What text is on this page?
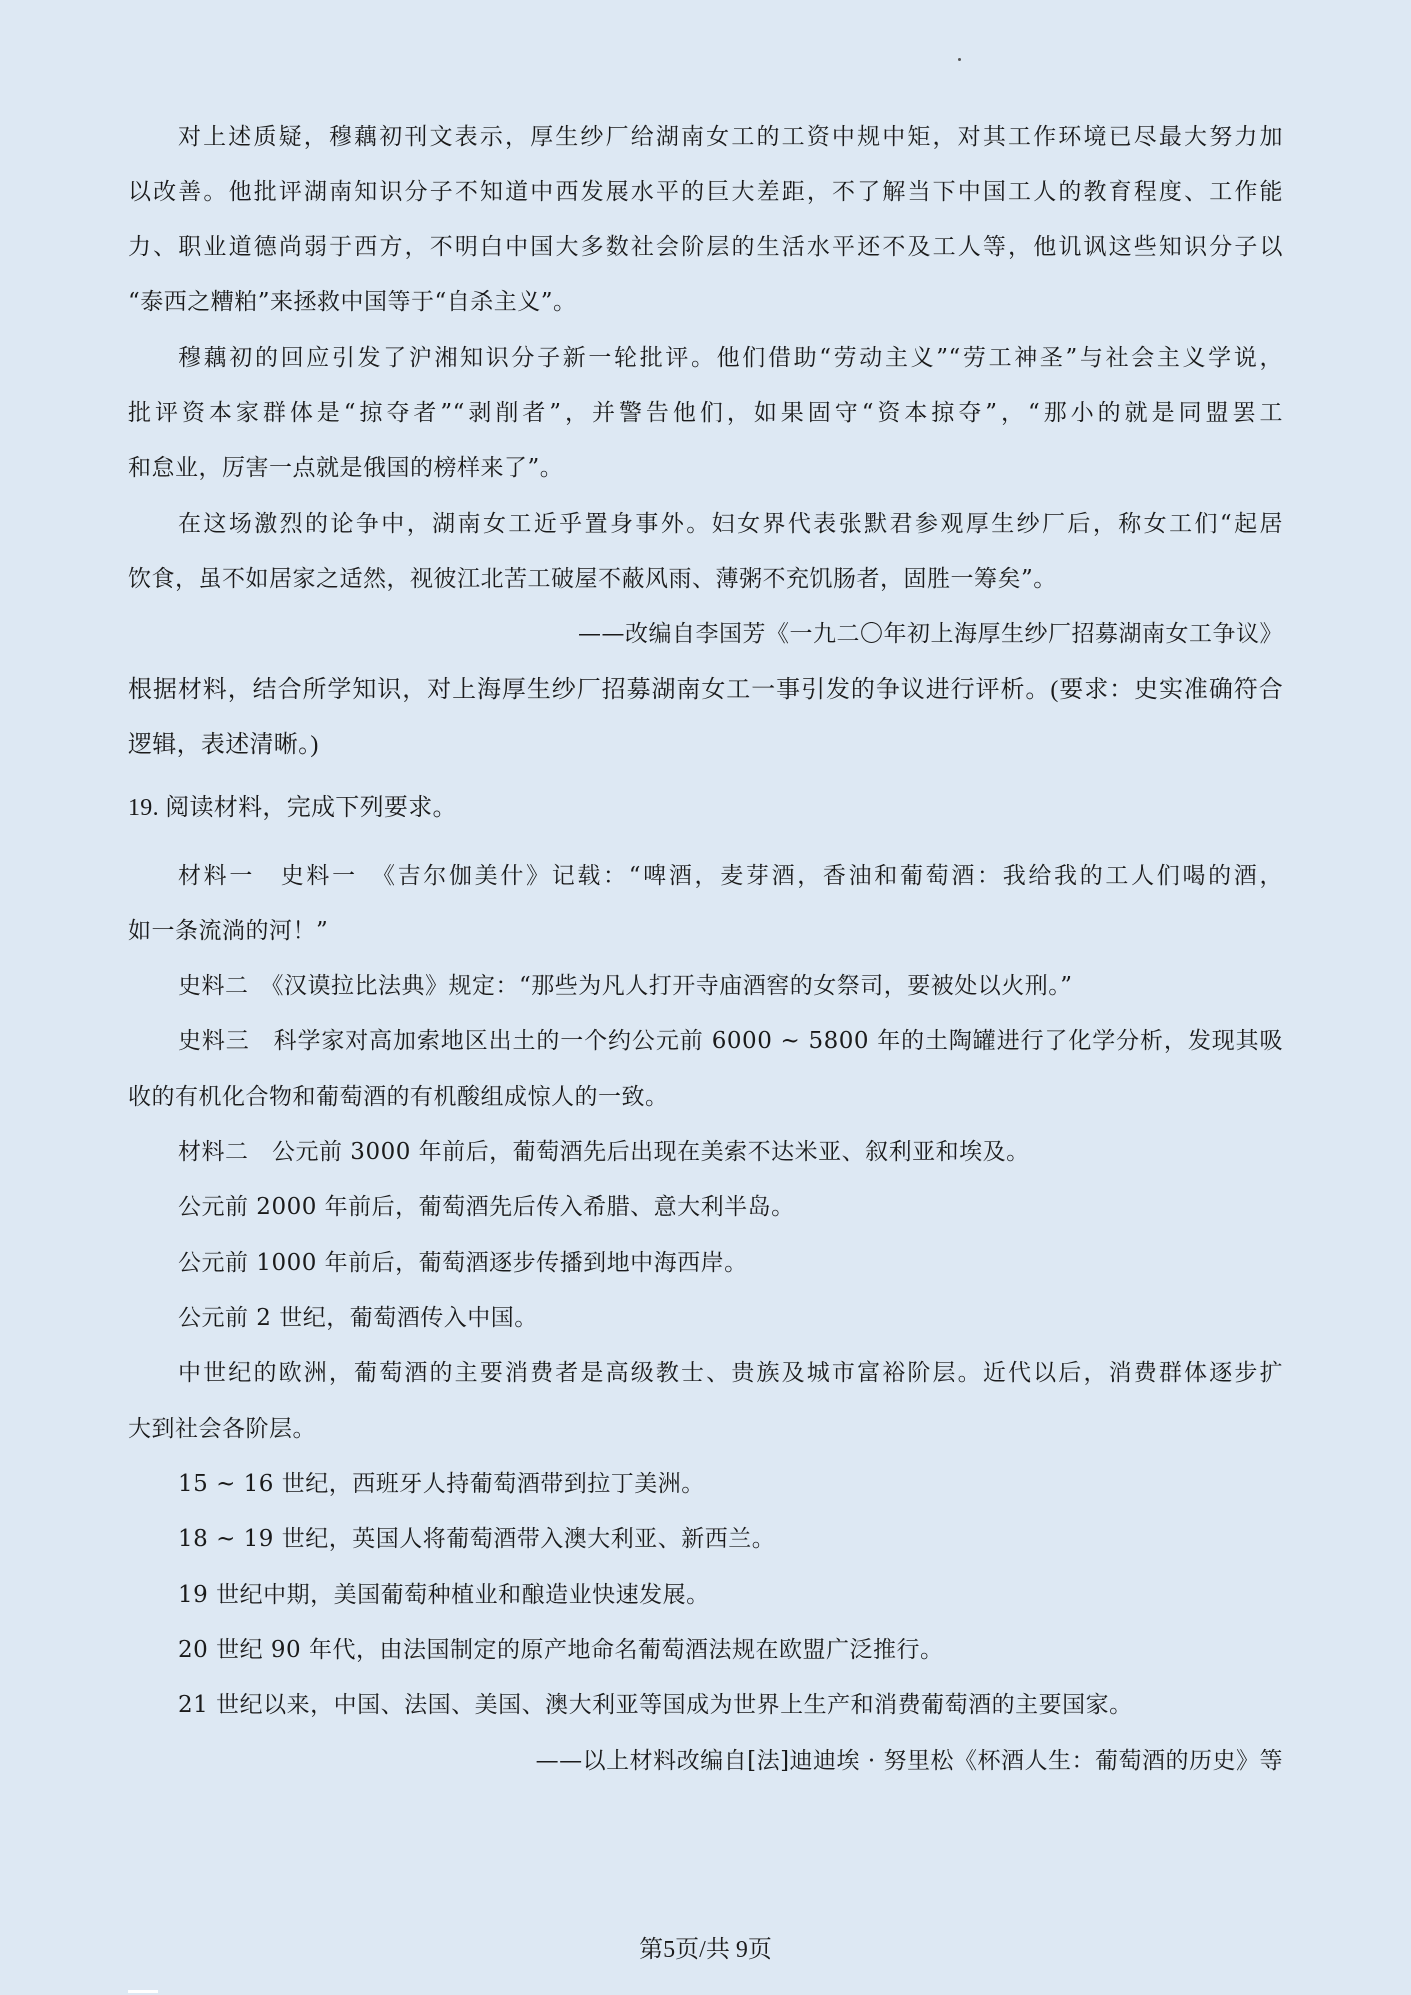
对上述质疑，穆藕初刊文表示，厚生纱厂给湖南女工的工资中规中矩，对其工作环境已尽最大努力加
以改善。他批评湖南知识分子不知道中西发展水平的巨大差距，不了解当下中国工人的教育程度、工作能
力、职业道德尚弱于西方，不明白中国大多数社会阶层的生活水平还不及工人等，他讥讽这些知识分子以
“泰西之糟粕”来拯救中国等于“自杀主义”。
穆藕初的回应引发了沪湘知识分子新一轮批评。他们借助“劳动主义”“劳工神圣”与社会主义学说，
批评资本家群体是“掠夺者”“剥削者”，并警告他们，如果固守“资本掠夺”，“那小的就是同盟罢工
和怠业，厉害一点就是俄国的榜样来了”。
在这场激烈的论争中，湖南女工近乎置身事外。妇女界代表张默君参观厚生纱厂后，称女工们“起居
饮食，虽不如居家之适然，视彼江北苦工破屋不蔽风雨、薄粥不充饥肠者，固胜一筹矣”。
——改编自李国芳《一九二〇年初上海厚生纱厂招募湖南女工争议》
根据材料，结合所学知识，对上海厚生纱厂招募湖南女工一事引发的争议进行评析。(要求：史实准确符合
逻辑，表述清晰。)
19. 阅读材料，完成下列要求。
材料一　史料一　《吉尔伽美什》记载：“啤酒，麦芽酒，香油和葡萄酒：我给我的工人们喝的酒，
如一条流淌的河！”
史料二　《汉谟拉比法典》规定：“那些为凡人打开寺庙酒窖的女祭司，要被处以火刑。”
史料三　科学家对高加索地区出土的一个约公元前 6000 ~ 5800 年的土陶罐进行了化学分析，发现其吸
收的有机化合物和葡萄酒的有机酸组成惊人的一致。
材料二　公元前 3000 年前后，葡萄酒先后出现在美索不达米亚、叙利亚和埃及。
公元前 2000 年前后，葡萄酒先后传入希腊、意大利半岛。
公元前 1000 年前后，葡萄酒逐步传播到地中海西岸。
公元前 2 世纪，葡萄酒传入中国。
中世纪的欧洲，葡萄酒的主要消费者是高级教士、贵族及城市富裕阶层。近代以后，消费群体逐步扩
大到社会各阶层。
15 ~ 16 世纪，西班牙人持葡萄酒带到拉丁美洲。
18 ~ 19 世纪，英国人将葡萄酒带入澳大利亚、新西兰。
19 世纪中期，美国葡萄种植业和酿造业快速发展。
20 世纪 90 年代，由法国制定的原产地命名葡萄酒法规在欧盟广泛推行。
21 世纪以来，中国、法国、美国、澳大利亚等国成为世界上生产和消费葡萄酒的主要国家。
——以上材料改编自[法]迪迪埃 · 努里松《杯酒人生：葡萄酒的历史》等
第5页/共 9页
